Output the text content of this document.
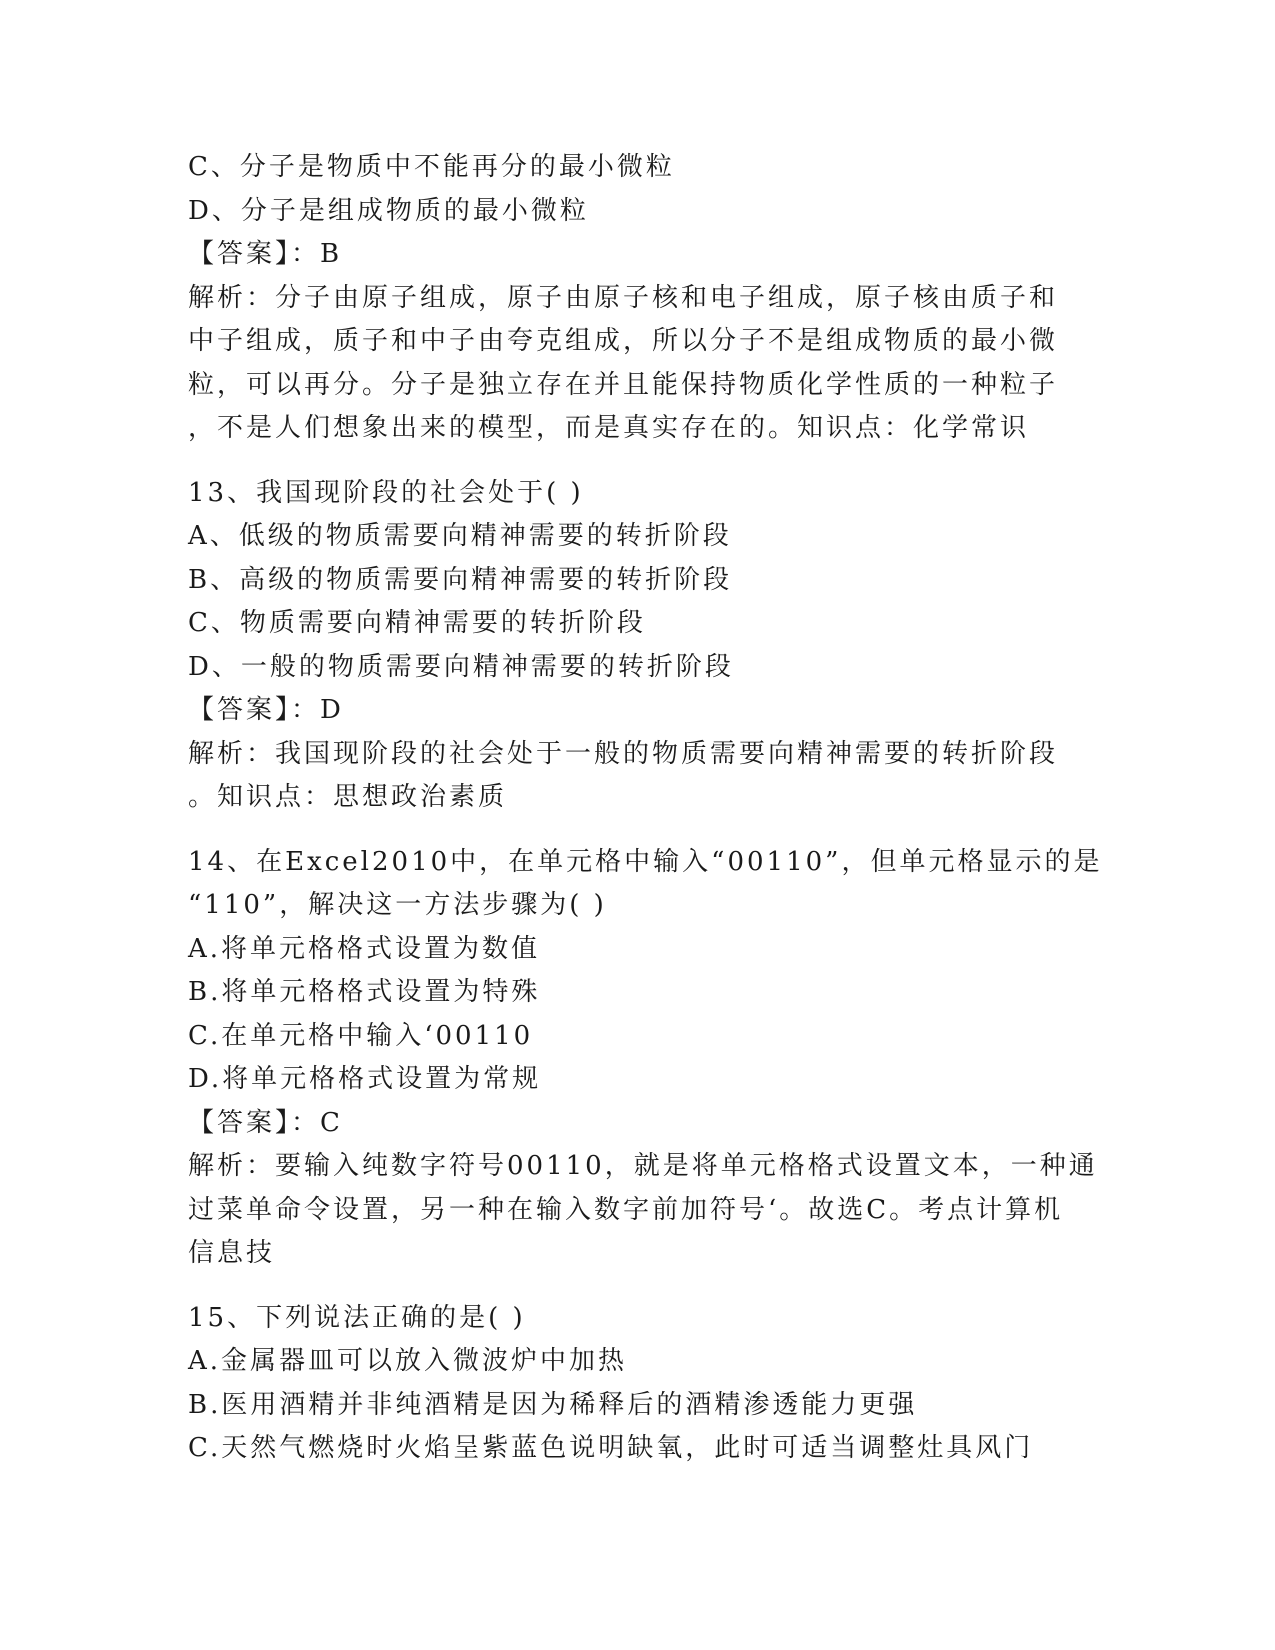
C、分子是物质中不能再分的最小微粒
D、分子是组成物质的最小微粒
【答案】：B
解析：分子由原子组成，原子由原子核和电子组成，原子核由质子和
中子组成，质子和中子由夸克组成，所以分子不是组成物质的最小微
粒，可以再分。分子是独立存在并且能保持物质化学性质的一种粒子
，不是人们想象出来的模型，而是真实存在的。知识点：化学常识
13、我国现阶段的社会处于( )
A、低级的物质需要向精神需要的转折阶段
B、高级的物质需要向精神需要的转折阶段
C、物质需要向精神需要的转折阶段
D、一般的物质需要向精神需要的转折阶段
【答案】：D
解析：我国现阶段的社会处于一般的物质需要向精神需要的转折阶段
。知识点：思想政治素质
14、在Excel2010中，在单元格中输入“00110”，但单元格显示的是
“110”，解决这一方法步骤为( )
A.将单元格格式设置为数值
B.将单元格格式设置为特殊
C.在单元格中输入‘00110
D.将单元格格式设置为常规
【答案】：C
解析：要输入纯数字符号00110，就是将单元格格式设置文本，一种通
过菜单命令设置，另一种在输入数字前加符号‘。故选C。考点计算机
信息技
15、下列说法正确的是( )
A.金属器皿可以放入微波炉中加热
B.医用酒精并非纯酒精是因为稀释后的酒精渗透能力更强
C.天然气燃烧时火焰呈紫蓝色说明缺氧，此时可适当调整灶具风门
